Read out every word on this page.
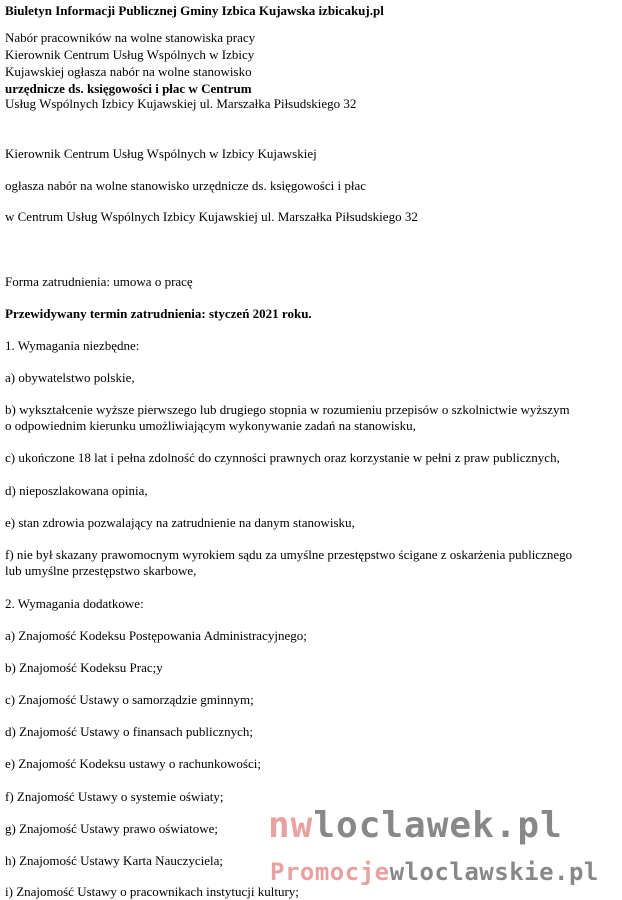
Biuletyn Informacji Publicznej Gminy Izbica Kujawska izbicakuj.pl

Nabór pracowników na wolne stanowiska pracy

Kierownik Centrum Usług Wspólnych w Izbicy

Kujawskiej ogłasza nabór na wolne stanowisko

urzędnicze ds. księgowości i płac w Centrum

Usług Wspólnych Izbicy Kujawskiej ul. Marszałka Piłsudskiego 32

Kierownik Centrum Usług Wspólnych w Izbicy Kujawskiej

ogłasza nabór na wolne stanowisko urzędnicze ds. księgowości i płac

w Centrum Usług Wspólnych Izbicy Kujawskiej ul. Marszałka Piłsudskiego 32

Forma zatrudnienia: umowa o pracę

Przewidywany termin zatrudnienia: styczeń 2021 roku.

1. Wymagania niezbędne:

a) obywatelstwo polskie,

b) wykształcenie wyższe pierwszego lub drugiego stopnia w rozumieniu przepisów o szkolnictwie wyższym

o odpowiednim kierunku umożliwiającym wykonywanie zadań na stanowisku,

c) ukończone 18 lat i pełna zdolność do czynności prawnych oraz korzystanie w pełni z praw publicznych,

d) nieposzlakowana opinia,

e) stan zdrowia pozwalający na zatrudnienie na danym stanowisku,

f) nie był skazany prawomocnym wyrokiem sądu za umyślne przestępstwo ścigane z oskarżenia publicznego

lub umyślne przestępstwo skarbowe,

2. Wymagania dodatkowe:

a) Znajomość Kodeksu Postępowania Administracyjnego;

b) Znajomość Kodeksu Prac;y

c) Znajomość Ustawy o samorządzie gminnym;

d) Znajomość Ustawy o finansach publicznych;

e) Znajomość Kodeksu ustawy o rachunkowości;

f) Znajomość Ustawy o systemie oświaty;

g) Znajomość Ustawy prawo oświatowe;

h) Znajomość Ustawy Karta Nauczyciela;

i) Znajomość Ustawy o pracownikach instytucji kultury;

nwloclawek.pl
Promocjewloclawskie.pl
